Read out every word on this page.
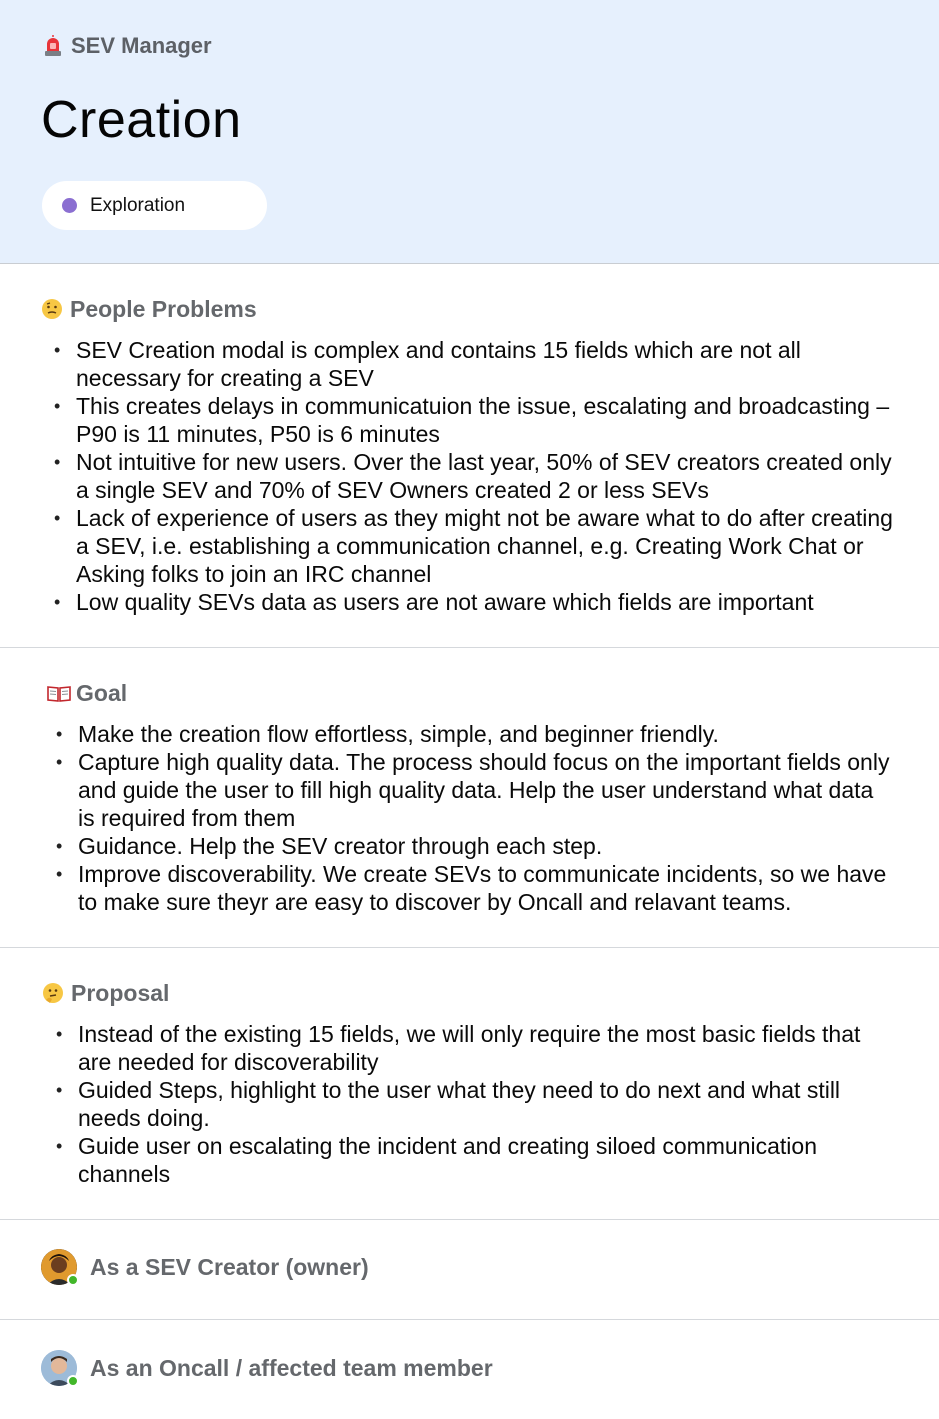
SEV Manager
Creation
Exploration
People Problems
• SEV Creation modal is complex and contains 15 fields which are not all necessary for creating a SEV
• This creates delays in communicatuion the issue, escalating and broadcasting – P90 is 11 minutes, P50 is 6 minutes
• Not intuitive for new users. Over the last year, 50% of SEV creators created only a single SEV and 70% of SEV Owners created 2 or less SEVs
• Lack of experience of users as they might not be aware what to do after creating a SEV, i.e. establishing a communication channel, e.g. Creating Work Chat or Asking folks to join an IRC channel
• Low quality SEVs data as users are not aware which fields are important
Goal
• Make the creation flow effortless, simple, and beginner friendly.
• Capture high quality data. The process should focus on the important fields only and guide the user to fill high quality data. Help the user understand what data is required from them
• Guidance. Help the SEV creator through each step.
• Improve discoverability. We create SEVs to communicate incidents, so we have to make sure theyr are easy to discover by Oncall and relavant teams.
Proposal
• Instead of the existing 15 fields, we will only require the most basic fields that are needed for discoverability
• Guided Steps, highlight to the user what they need to do next and what still needs doing.
• Guide user on escalating the incident and creating siloed communication channels
As a SEV Creator (owner)
As an Oncall / affected team member
